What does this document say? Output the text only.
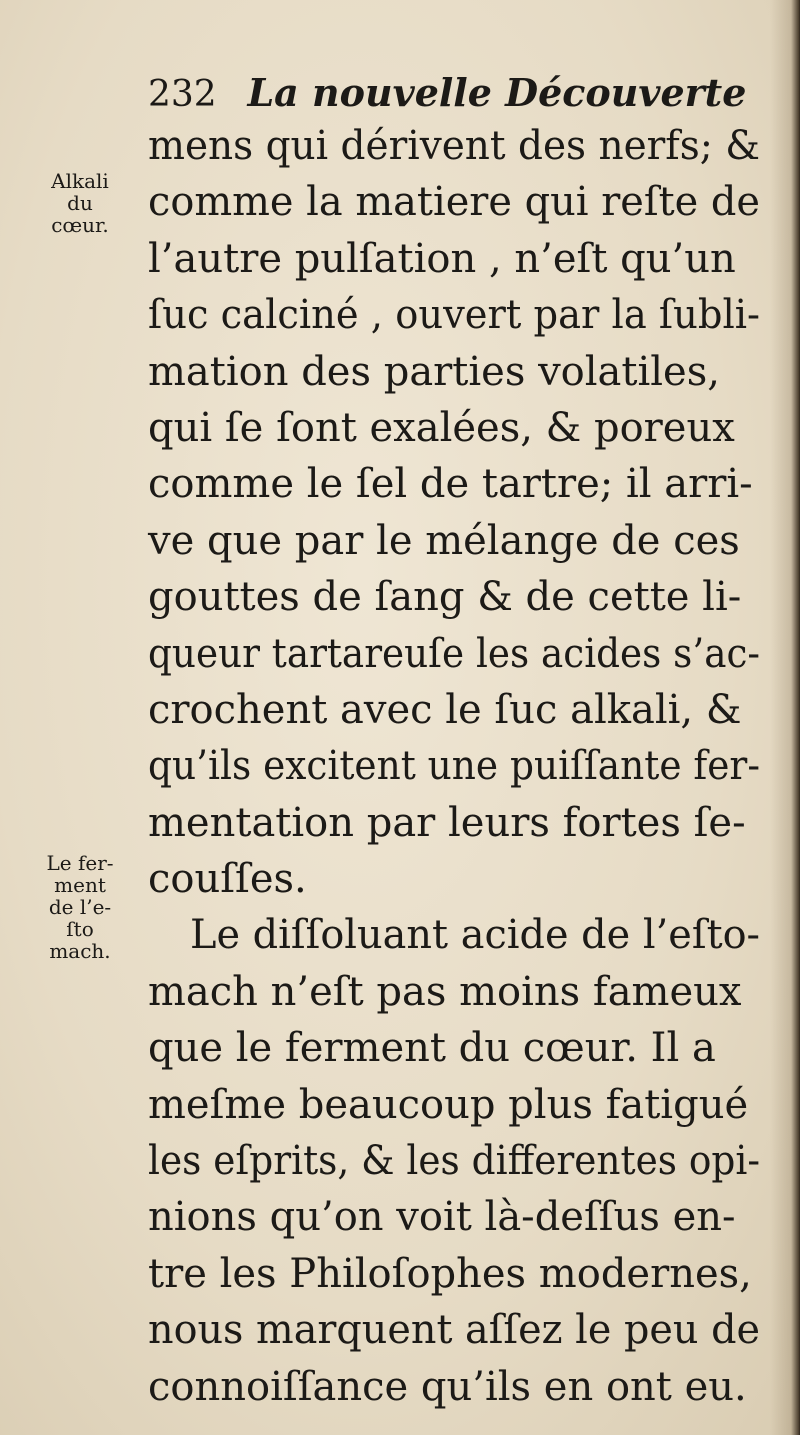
232 La nouvelle Découverte
Alkali
du
cœur.
Le fer-
ment
de l’e-
ſto
mach.
mens qui dérivent des nerfs; &
comme la matiere qui reſte de
l’autre pulſation , n’eſt qu’un
ſuc calciné , ouvert par la ſubli-
mation des parties volatiles,
qui ſe ſont exalées, & poreux
comme le ſel de tartre; il arri-
ve que par le mélange de ces
gouttes de ſang & de cette li-
queur tartareuſe les acides s’ac-
crochent avec le ſuc alkali, &
qu’ils excitent une puiſſante fer-
mentation par leurs fortes ſe-
couſſes.
Le diſſoluant acide de l’eſto-
mach n’eſt pas moins fameux
que le ferment du cœur. Il a
meſme beaucoup plus fatigué
les eſprits, & les differentes opi-
nions qu’on voit là-deſſus en-
tre les Philoſophes modernes,
nous marquent aſſez le peu de
connoiſſance qu’ils en ont eu.
